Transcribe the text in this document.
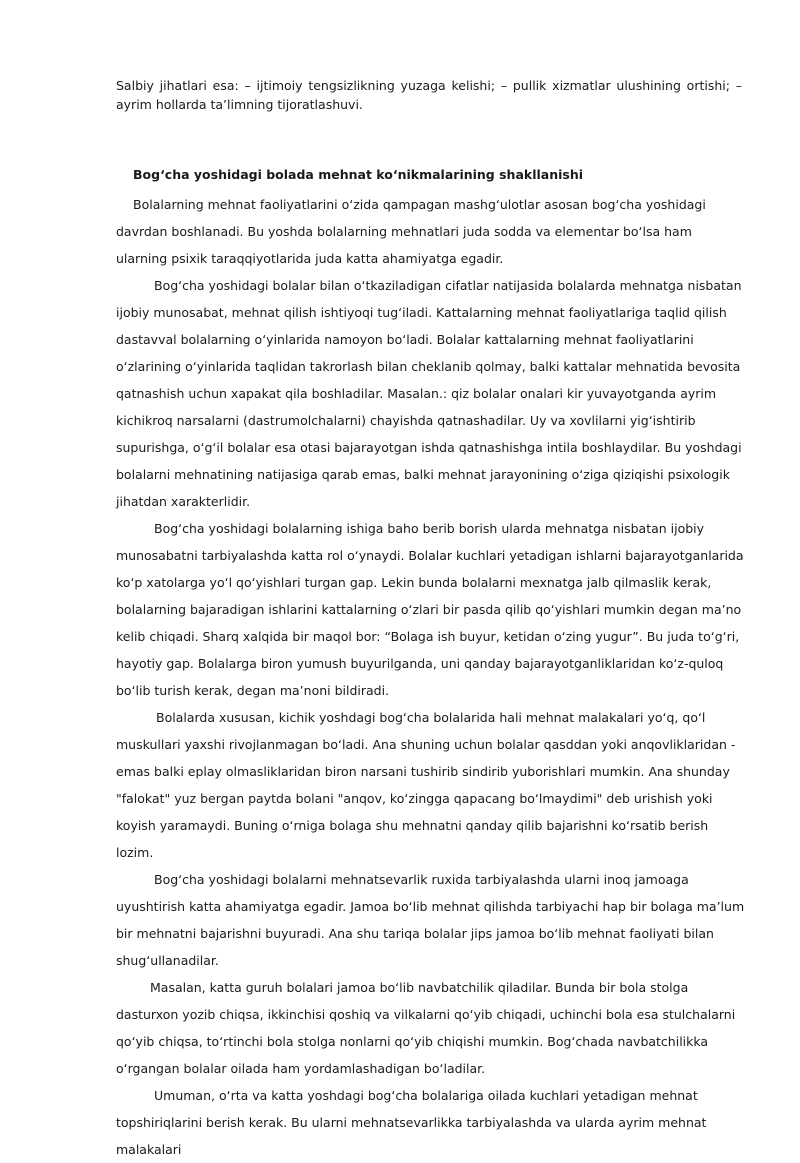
Salbiy jihatlari esa: – ijtimoiy tengsizlikning yuzaga kelishi; – pullik xizmatlar ulushining ortishi; – ayrim hollarda ta’limning tijoratlashuvi.

Bog‘cha yoshidagi bolada mehnat ko‘nikmalarining shakllanishi

Bolalarning mehnat faoliyatlarini o‘zida qampagan mashg‘ulotlar asosan bog‘cha yoshidagi davrdan boshlanadi. Bu yoshda bolalarning mehnatlari juda sodda va elementar bo‘lsa ham ularning psixik taraqqiyotlarida juda katta ahamiyatga egadir.

Bog‘cha yoshidagi bolalar bilan o‘tkaziladigan cifatlar natijasida bolalarda mehnatga nisbatan ijobiy munosabat, mehnat qilish ishtiyoqi tug‘iladi. Kattalarning mehnat faoliyatlariga taqlid qilish dastavval bolalarning o‘yinlarida namoyon bo‘ladi. Bolalar kattalarning mehnat faoliyatlarini o‘zlarining o‘yinlarida taqlidan takrorlash bilan cheklanib qolmay, balki kattalar mehnatida bevosita qatnashish uchun xapakat qila boshladilar. Masalan.: qiz bolalar onalari kir yuvayotganda ayrim kichikroq narsalarni (dastrumolchalarni) chayishda qatnashadilar. Uy va xovlilarni yig‘ishtirib supurishga, o‘g‘il bolalar esa otasi bajarayotgan ishda qatnashishga intila boshlaydilar. Bu yoshdagi bolalarni mehnatining natijasiga qarab emas, balki mehnat jarayonining o‘ziga qiziqishi psixologik jihatdan xarakterlidir.

Bog‘cha yoshidagi bolalarning ishiga baho berib borish ularda mehnatga nisbatan ijobiy munosabatni tarbiyalashda katta rol o‘ynaydi. Bolalar kuchlari yetadigan ishlarni bajarayotganlarida ko‘p xatolarga yo‘l qo‘yishlari turgan gap. Lekin bunda bolalarni mexnatga jalb qilmaslik kerak, bolalarning bajaradigan ishlarini kattalarning o‘zlari bir pasda qilib qo‘yishlari mumkin degan ma’no kelib chiqadi. Sharq xalqida bir maqol bor: “Bolaga ish buyur, ketidan o‘zing yugur”. Bu juda to‘g‘ri, hayotiy gap. Bolalarga biron yumush buyurilganda, uni qanday bajarayotganliklaridan ko‘z-quloq bo‘lib turish kerak, degan ma’noni bildiradi.

Bolalarda xususan, kichik yoshdagi bog‘cha bolalarida hali mehnat malakalari yo‘q, qo‘l muskullari yaxshi rivojlanmagan bo‘ladi. Ana shuning uchun bolalar qasddan yoki anqovliklaridan - emas balki eplay olmasliklaridan biron narsani tushirib sindirib yuborishlari mumkin. Ana shunday "falokat" yuz bergan paytda bolani "anqov, ko‘zingga qapacang bo‘lmaydimi" deb urishish yoki koyish yaramaydi. Buning o‘rniga bolaga shu mehnatni qanday qilib bajarishni ko‘rsatib berish lozim.

Bog‘cha yoshidagi bolalarni mehnatsevarlik ruxida tarbiyalashda ularni inoq jamoaga uyushtirish katta ahamiyatga egadir. Jamoa bo‘lib mehnat qilishda tarbiyachi hap bir bolaga ma’lum bir mehnatni bajarishni buyuradi. Ana shu tariqa bolalar jips jamoa bo‘lib mehnat faoliyati bilan shug‘ullanadilar.

Masalan, katta guruh bolalari jamoa bo‘lib navbatchilik qiladilar. Bunda bir bola stolga dasturxon yozib chiqsa, ikkinchisi qoshiq va vilkalarni qo‘yib chiqadi, uchinchi bola esa stulchalarni qo‘yib chiqsa, to‘rtinchi bola stolga nonlarni qo‘yib chiqishi mumkin. Bog‘chada navbatchilikka o‘rgangan bolalar oilada ham yordamlashadigan bo‘ladilar.

Umuman, o‘rta va katta yoshdagi bog‘cha bolalariga oilada kuchlari yetadigan mehnat topshiriqlarini berish kerak. Bu ularni mehnatsevarlikka tarbiyalashda va ularda ayrim mehnat malakalari
